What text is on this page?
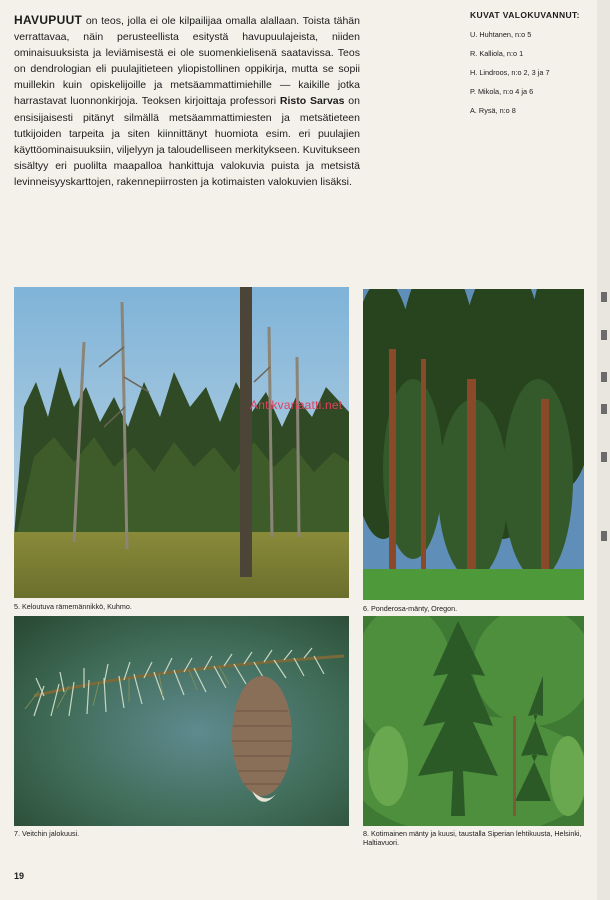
HAVUPUUT on teos, jolla ei ole kilpailijaa omalla alallaan. Toista tähän verrattavaa, näin perusteellista esitystä havupuulajeista, niiden ominaisuuksista ja leviämisestä ei ole suomenkielisenä saatavissa. Teos on dendrologian eli puulajitieteen yliopistollinen oppikirja, mutta se sopii muillekin kuin opiskelijoille ja metsäammattimiehille — kaikille jotka harrastavat luonnonkirjoja. Teoksen kirjoittaja professori Risto Sarvas on ensisijaisesti pitänyt silmällä metsäammattimiesten ja metsätieteen tutkijoiden tarpeita ja siten kiinnittänyt huomiota esim. eri puulajien käyttöominaisuuksiin, viljelyyn ja taloudelliseen merkitykseen. Kuvitukseen sisältyy eri puolilta maapalloa hankittuja valokuvia puista ja metsistä levinneisyyskarttojen, rakennepiirrosten ja kotimaisten valokuvien lisäksi.

KUVAT VALOKUVANNUT:
U. Huhtanen, n:o 5
R. Kalliola, n:o 1
H. Lindroos, n:o 2, 3 ja 7
P. Mikola, n:o 4 ja 6
A. Rysä, n:o 8
5. Keloutuva rämemännikkö, Kuhmo.	6. Ponderosa-mänty, Oregon.
7. Veitchin jalokuusi.	8. Kotimainen mänty ja kuusi, taustalla Siperian lehtikuusta, Helsinki, Haltiavuori.
Antikvariaatti.net
19
